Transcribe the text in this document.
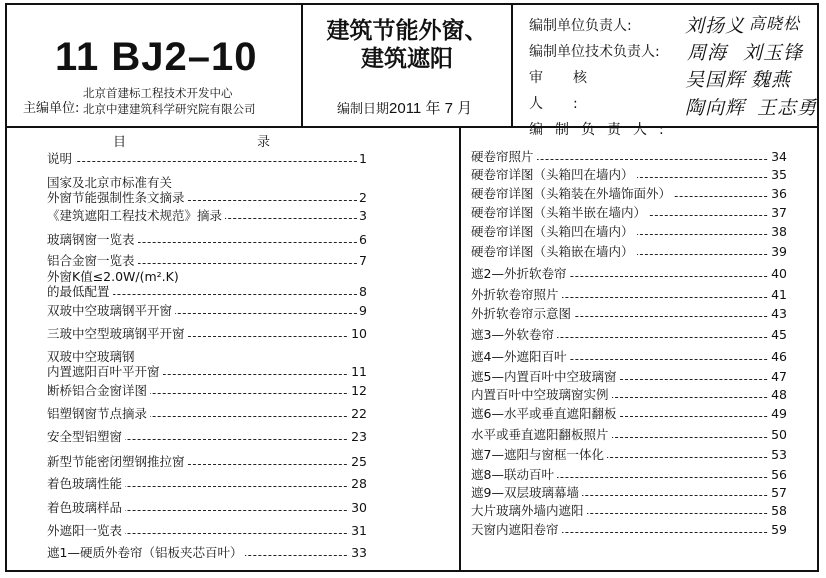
11 BJ2–10
主编单位:
北京首建标工程技术开发中心
北京中建建筑科学研究院有限公司
建筑节能外窗、
建筑遮阳
编制日期2011 年 7 月
编制单位负责人:
编制单位技术负责人:
审核人:
编制负责人:
刘扬义 高晓松
周海 刘玉锋
吴国辉 魏燕
陶向辉 王志勇
目	录
说明	1
国家及北京市标准有关
外窗节能强制性条文摘录	2
《建筑遮阳工程技术规范》摘录	3
玻璃钢窗一览表	6
铝合金窗一览表	7
外窗K值≤2.0W/(m².K)
的最低配置	8
双玻中空玻璃钢平开窗	9
三玻中空型玻璃钢平开窗	10
双玻中空玻璃钢
内置遮阳百叶平开窗	11
断桥铝合金窗详图	12
铝塑钢窗节点摘录	22
安全型铝塑窗	23
新型节能密闭塑钢推拉窗	25
着色玻璃性能	28
着色玻璃样品	30
外遮阳一览表	31
遮1—硬质外卷帘（铝板夹芯百叶）	33
硬卷帘照片	34
硬卷帘详图（头箱凹在墙内）	35
硬卷帘详图（头箱装在外墙饰面外）	36
硬卷帘详图（头箱半嵌在墙内）	37
硬卷帘详图（头箱凹在墙内）	38
硬卷帘详图（头箱嵌在墙内）	39
遮2—外折软卷帘	40
外折软卷帘照片	41
外折软卷帘示意图	43
遮3—外软卷帘	45
遮4—外遮阳百叶	46
遮5—内置百叶中空玻璃窗	47
内置百叶中空玻璃窗实例	48
遮6—水平或垂直遮阳翻板	49
水平或垂直遮阳翻板照片	50
遮7—遮阳与窗框一体化	53
遮8—联动百叶	56
遮9—双层玻璃幕墙	57
大片玻璃外墙内遮阳	58
天窗内遮阳卷帘	59
